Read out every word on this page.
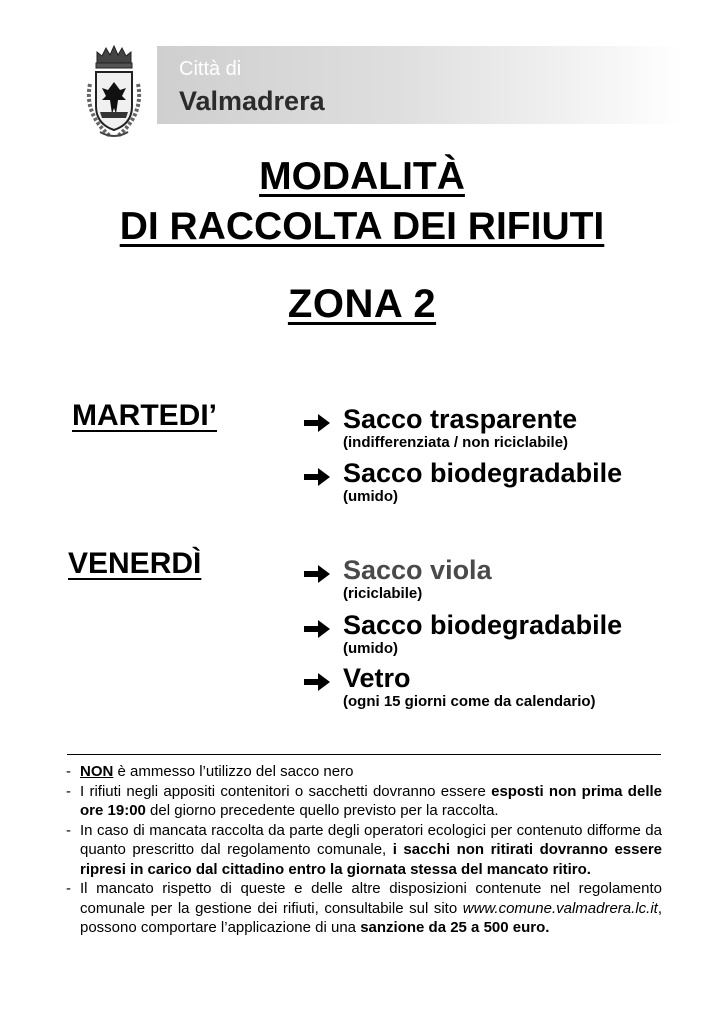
Città di
Valmadrera
MODALITÀ
DI RACCOLTA DEI RIFIUTI
ZONA 2
MARTEDI’	Sacco trasparente
(indifferenziata / non riciclabile)
Sacco biodegradabile
(umido)
VENERDÌ	Sacco viola
(riciclabile)
Sacco biodegradabile
(umido)
Vetro
(ogni 15 giorni come da calendario)
- NON è ammesso l’utilizzo del sacco nero
- I rifiuti negli appositi contenitori o sacchetti dovranno essere esposti non prima delle ore 19:00 del giorno precedente quello previsto per la raccolta.
- In caso di mancata raccolta da parte degli operatori ecologici per contenuto difforme da quanto prescritto dal regolamento comunale, i sacchi non ritirati dovranno essere ripresi in carico dal cittadino entro la giornata stessa del mancato ritiro.
- Il mancato rispetto di queste e delle altre disposizioni contenute nel regolamento comunale per la gestione dei rifiuti, consultabile sul sito www.comune.valmadrera.lc.it, possono comportare l’applicazione di una sanzione da 25 a 500 euro.
